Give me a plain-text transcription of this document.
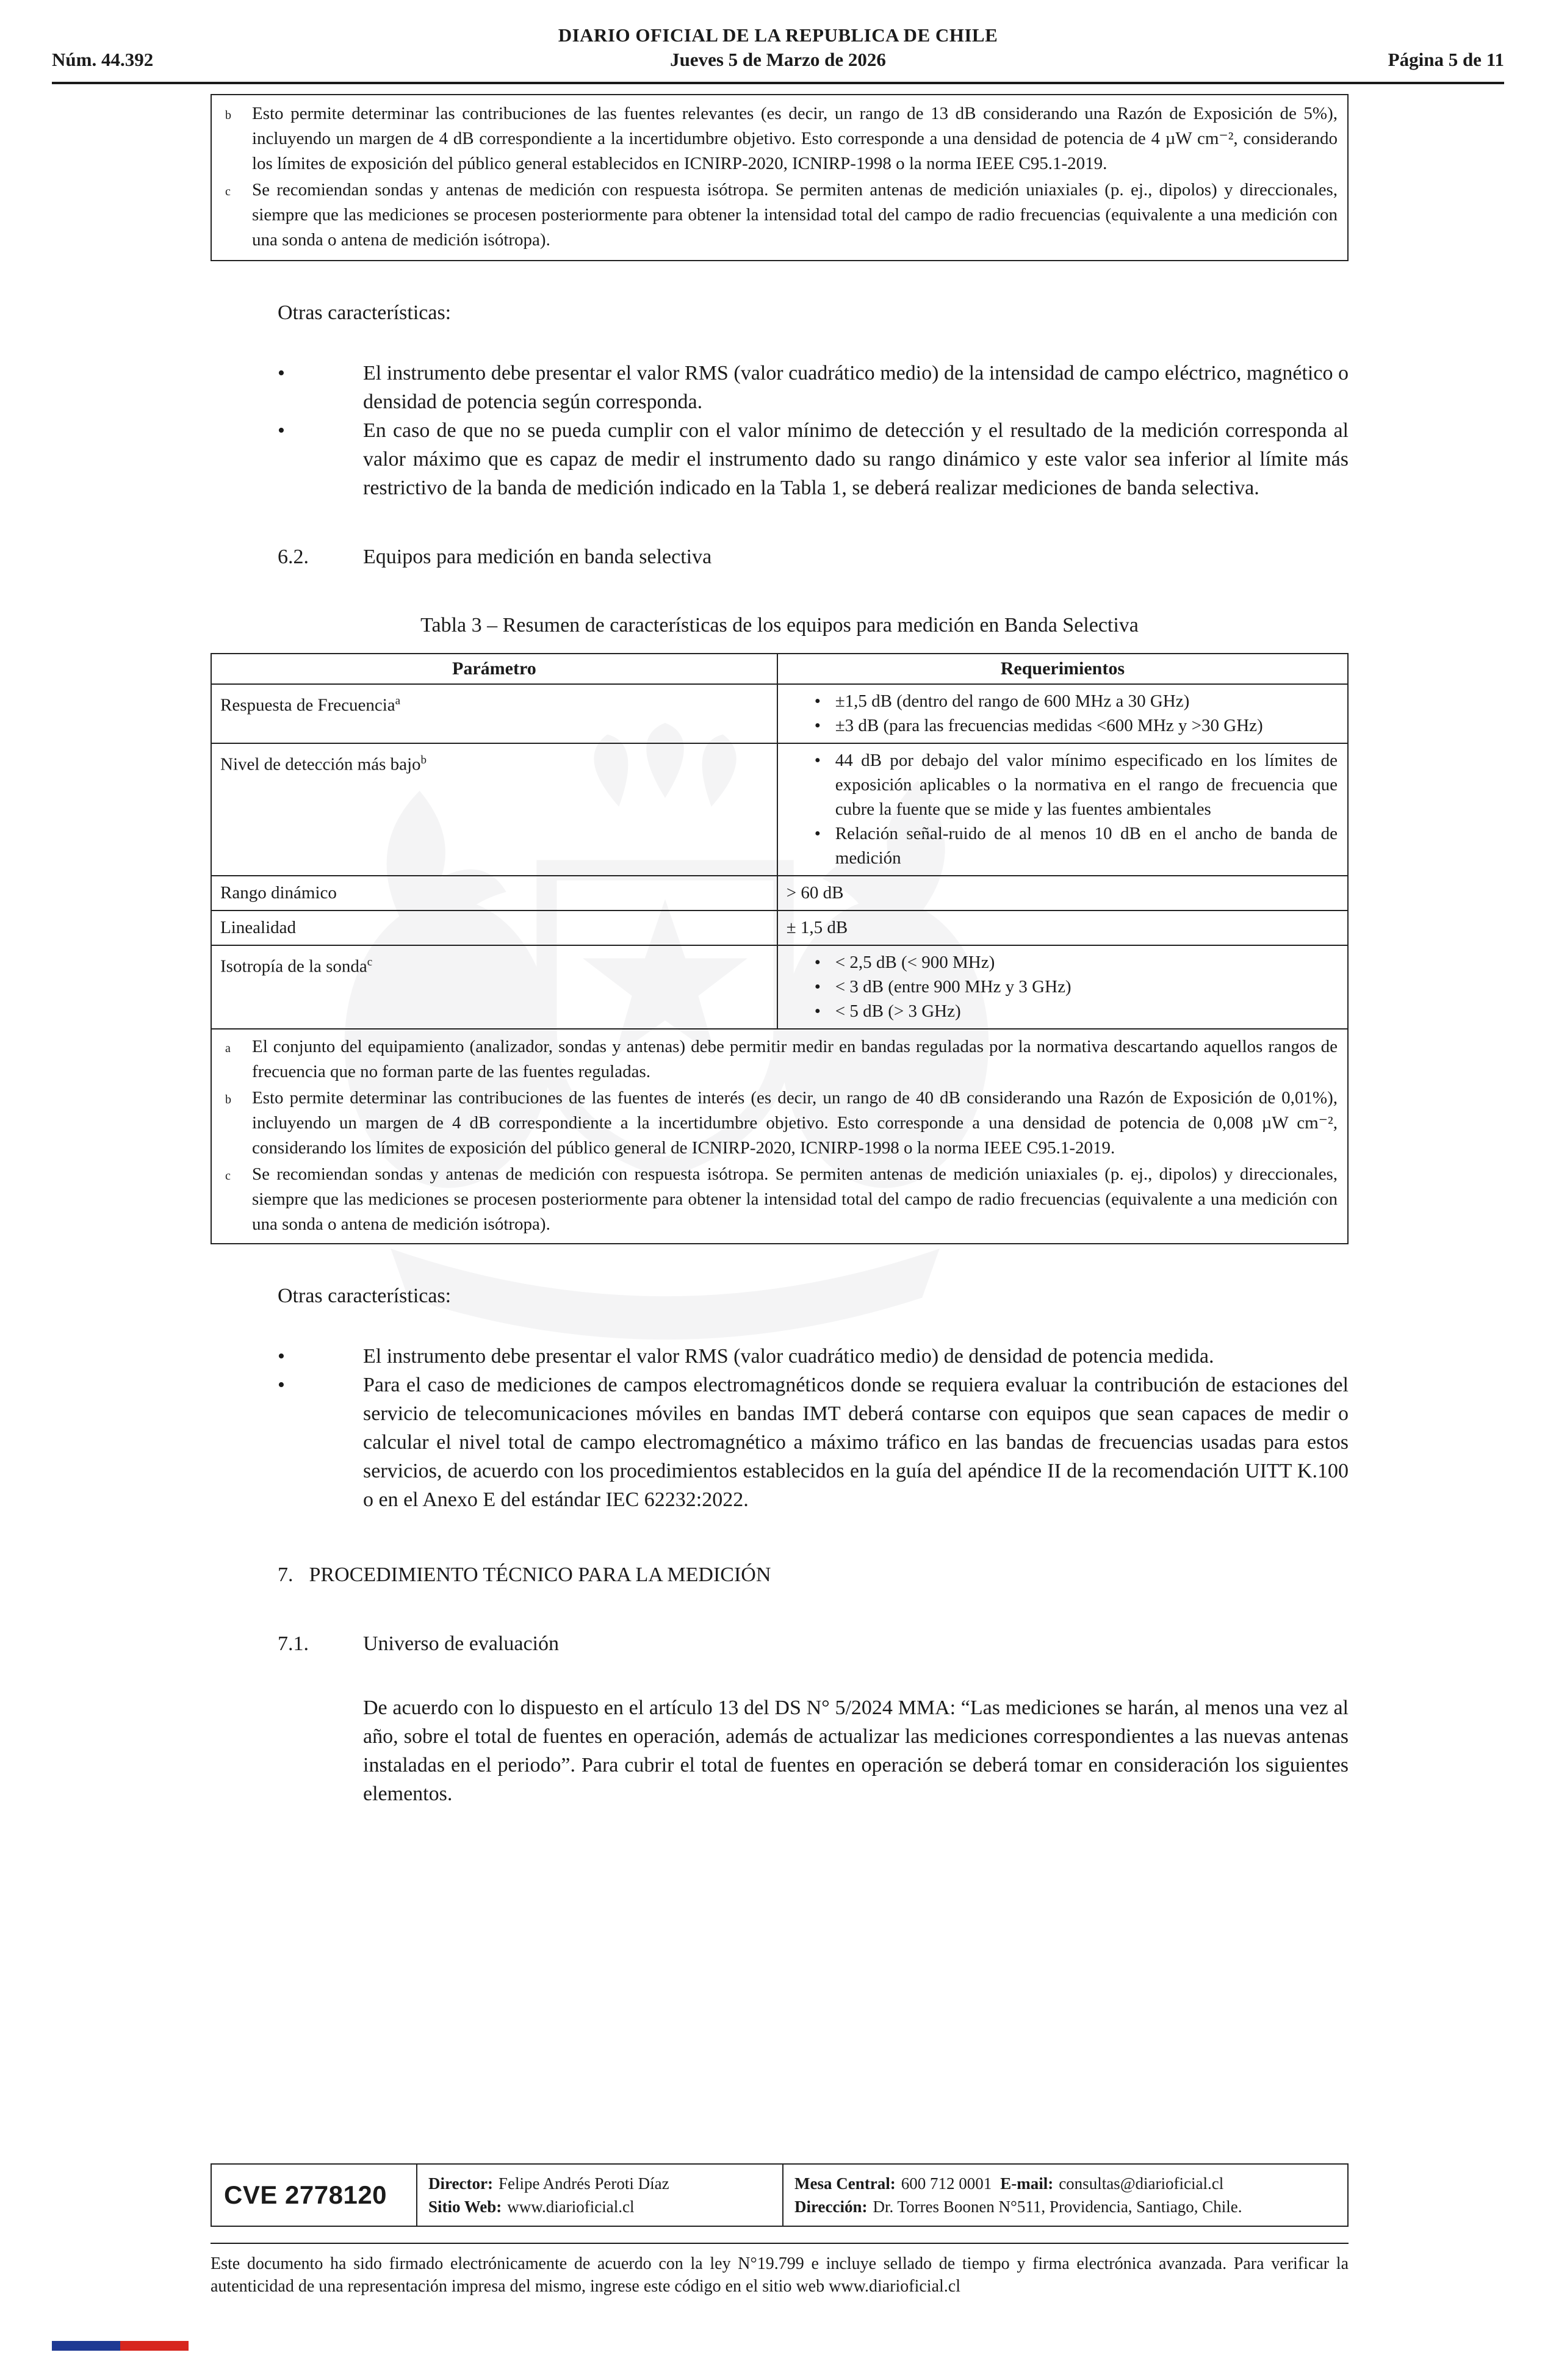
DIARIO OFICIAL DE LA REPUBLICA DE CHILE
Núm. 44.392	Jueves 5 de Marzo de 2026	Página 5 de 11
b	Esto permite determinar las contribuciones de las fuentes relevantes (es decir, un rango de 13 dB considerando una Razón de Exposición de 5%), incluyendo un margen de 4 dB correspondiente a la incertidumbre objetivo. Esto corresponde a una densidad de potencia de 4 µW cm⁻², considerando los límites de exposición del público general establecidos en ICNIRP-2020, ICNIRP-1998 o la norma IEEE C95.1-2019.
c	Se recomiendan sondas y antenas de medición con respuesta isótropa. Se permiten antenas de medición uniaxiales (p. ej., dipolos) y direccionales, siempre que las mediciones se procesen posteriormente para obtener la intensidad total del campo de radio frecuencias (equivalente a una medición con una sonda o antena de medición isótropa).
Otras características:
•	El instrumento debe presentar el valor RMS (valor cuadrático medio) de la intensidad de campo eléctrico, magnético o densidad de potencia según corresponda.
•	En caso de que no se pueda cumplir con el valor mínimo de detección y el resultado de la medición corresponda al valor máximo que es capaz de medir el instrumento dado su rango dinámico y este valor sea inferior al límite más restrictivo de la banda de medición indicado en la Tabla 1, se deberá realizar mediciones de banda selectiva.
6.2.	Equipos para medición en banda selectiva
Tabla 3 – Resumen de características de los equipos para medición en Banda Selectiva
Parámetro	Requerimientos
Respuesta de Frecuencia$^a$	• ±1,5 dB (dentro del rango de 600 MHz a 30 GHz)
• ±3 dB (para las frecuencias medidas <600 MHz y >30 GHz)

Nivel de detección más bajo$^b$	• 44 dB por debajo del valor mínimo especificado en los límites de exposición aplicables o la normativa en el rango de frecuencia que cubre la fuente que se mide y las fuentes ambientales
• Relación señal-ruido de al menos 10 dB en el ancho de banda de medición

Rango dinámico	> 60 dB
Linealidad	± 1,5 dB
Isotropía de la sonda$^c$	• < 2,5 dB (< 900 MHz)
• < 3 dB (entre 900 MHz y 3 GHz)
• < 5 dB (> 3 GHz)

a	El conjunto del equipamiento (analizador, sondas y antenas) debe permitir medir en bandas reguladas por la normativa descartando aquellos rangos de frecuencia que no forman parte de las fuentes reguladas.
b	Esto permite determinar las contribuciones de las fuentes de interés (es decir, un rango de 40 dB considerando una Razón de Exposición de 0,01%), incluyendo un margen de 4 dB correspondiente a la incertidumbre objetivo. Esto corresponde a una densidad de potencia de 0,008 µW cm⁻², considerando los límites de exposición del público general de ICNIRP-2020, ICNIRP-1998 o la norma IEEE C95.1-2019.
c	Se recomiendan sondas y antenas de medición con respuesta isótropa. Se permiten antenas de medición uniaxiales (p. ej., dipolos) y direccionales, siempre que las mediciones se procesen posteriormente para obtener la intensidad total del campo de radio frecuencias (equivalente a una medición con una sonda o antena de medición isótropa).
Otras características:
•	El instrumento debe presentar el valor RMS (valor cuadrático medio) de densidad de potencia medida.
•	Para el caso de mediciones de campos electromagnéticos donde se requiera evaluar la contribución de estaciones del servicio de telecomunicaciones móviles en bandas IMT deberá contarse con equipos que sean capaces de medir o calcular el nivel total de campo electromagnético a máximo tráfico en las bandas de frecuencias usadas para estos servicios, de acuerdo con los procedimientos establecidos en la guía del apéndice II de la recomendación UITT K.100 o en el Anexo E del estándar IEC 62232:2022.
7. PROCEDIMIENTO TÉCNICO PARA LA MEDICIÓN
7.1.	Universo de evaluación

De acuerdo con lo dispuesto en el artículo 13 del DS N° 5/2024 MMA: “Las mediciones se harán, al menos una vez al año, sobre el total de fuentes en operación, además de actualizar las mediciones correspondientes a las nuevas antenas instaladas en el periodo”. Para cubrir el total de fuentes en operación se deberá tomar en consideración los siguientes elementos.

CVE 2778120	Director: Felipe Andrés Peroti Díaz
Sitio Web: www.diarioficial.cl
Mesa Central: 600 712 0001 E-mail: consultas@diarioficial.cl
Dirección: Dr. Torres Boonen N°511, Providencia, Santiago, Chile.

Este documento ha sido firmado electrónicamente de acuerdo con la ley N°19.799 e incluye sellado de tiempo y firma electrónica avanzada. Para verificar la autenticidad de una representación impresa del mismo, ingrese este código en el sitio web www.diarioficial.cl
